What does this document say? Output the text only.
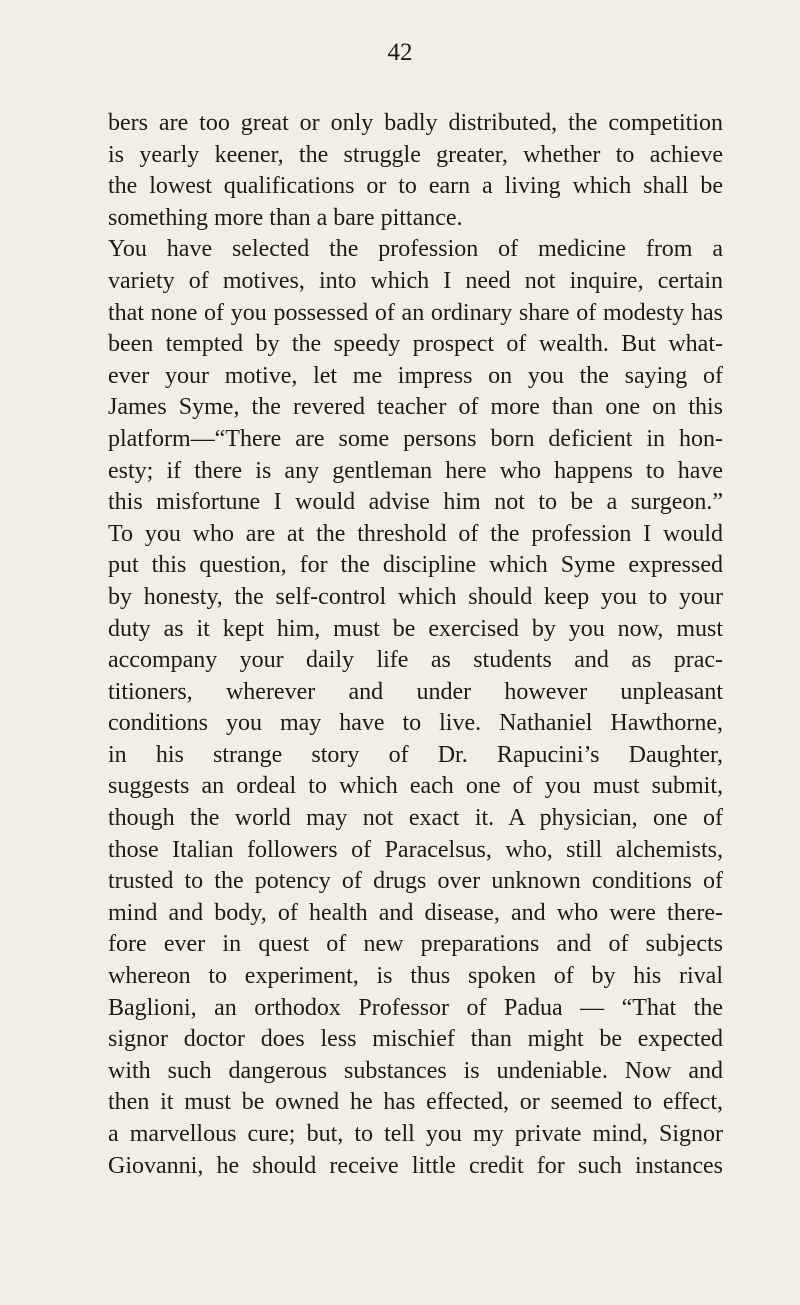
42
bers are too great or only badly distributed, the competition
is yearly keener, the struggle greater, whether to achieve
the lowest qualifications or to earn a living which shall be
something more than a bare pittance.
You have selected the profession of medicine from a
variety of motives, into which I need not inquire, certain
that none of you possessed of an ordinary share of modesty has
been tempted by the speedy prospect of wealth. But what-
ever your motive, let me impress on you the saying of
James Syme, the revered teacher of more than one on this
platform—“There are some persons born deficient in hon-
esty; if there is any gentleman here who happens to have
this misfortune I would advise him not to be a surgeon.”
To you who are at the threshold of the profession I would
put this question, for the discipline which Syme expressed
by honesty, the self-control which should keep you to your
duty as it kept him, must be exercised by you now, must
accompany your daily life as students and as prac-
titioners, wherever and under however unpleasant
conditions you may have to live. Nathaniel Hawthorne,
in his strange story of Dr. Rapucini’s Daughter,
suggests an ordeal to which each one of you must submit,
though the world may not exact it. A physician, one of
those Italian followers of Paracelsus, who, still alchemists,
trusted to the potency of drugs over unknown conditions of
mind and body, of health and disease, and who were there-
fore ever in quest of new preparations and of subjects
whereon to experiment, is thus spoken of by his rival
Baglioni, an orthodox Professor of Padua — “That the
signor doctor does less mischief than might be expected
with such dangerous substances is undeniable. Now and
then it must be owned he has effected, or seemed to effect,
a marvellous cure; but, to tell you my private mind, Signor
Giovanni, he should receive little credit for such instances
